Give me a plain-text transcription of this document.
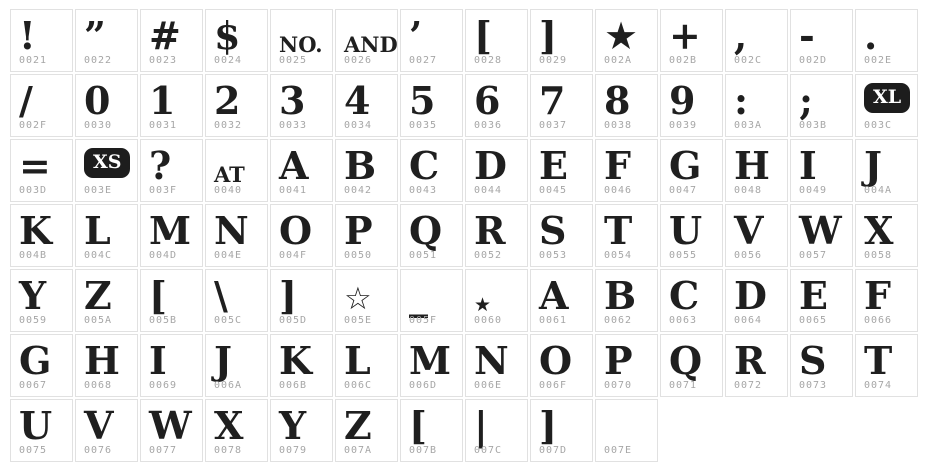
!
0021
”
0022
#
0023
$
0024
NO.
0025
AND
0026
’
0027
[
0028
]
0029
★
002A
+
002B
,
002C
-
002D
.
002E
/
002F
0
0030
1
0031
2
0032
3
0033
4
0034
5
0035
6
0036
7
0037
8
0038
9
0039
:
003A
;
003B
XL
003C
=
003D
XS
003E
?
003F
AT
0040
A
0041
B
0042
C
0043
D
0044
E
0045
F
0046
G
0047
H
0048
I
0049
J
004A
K
004B
L
004C
M
004D
N
004E
O
004F
P
0050
Q
0051
R
0052
S
0053
T
0054
U
0055
V
0056
W
0057
X
0058
Y
0059
Z
005A
[
005B
\
005C
]
005D
☆
005E
_
005F
★
0060
A
0061
B
0062
C
0063
D
0064
E
0065
F
0066
G
0067
H
0068
I
0069
J
006A
K
006B
L
006C
M
006D
N
006E
O
006F
P
0070
Q
0071
R
0072
S
0073
T
0074
U
0075
V
0076
W
0077
X
0078
Y
0079
Z
007A
[
007B
|
007C
]
007D	007E
